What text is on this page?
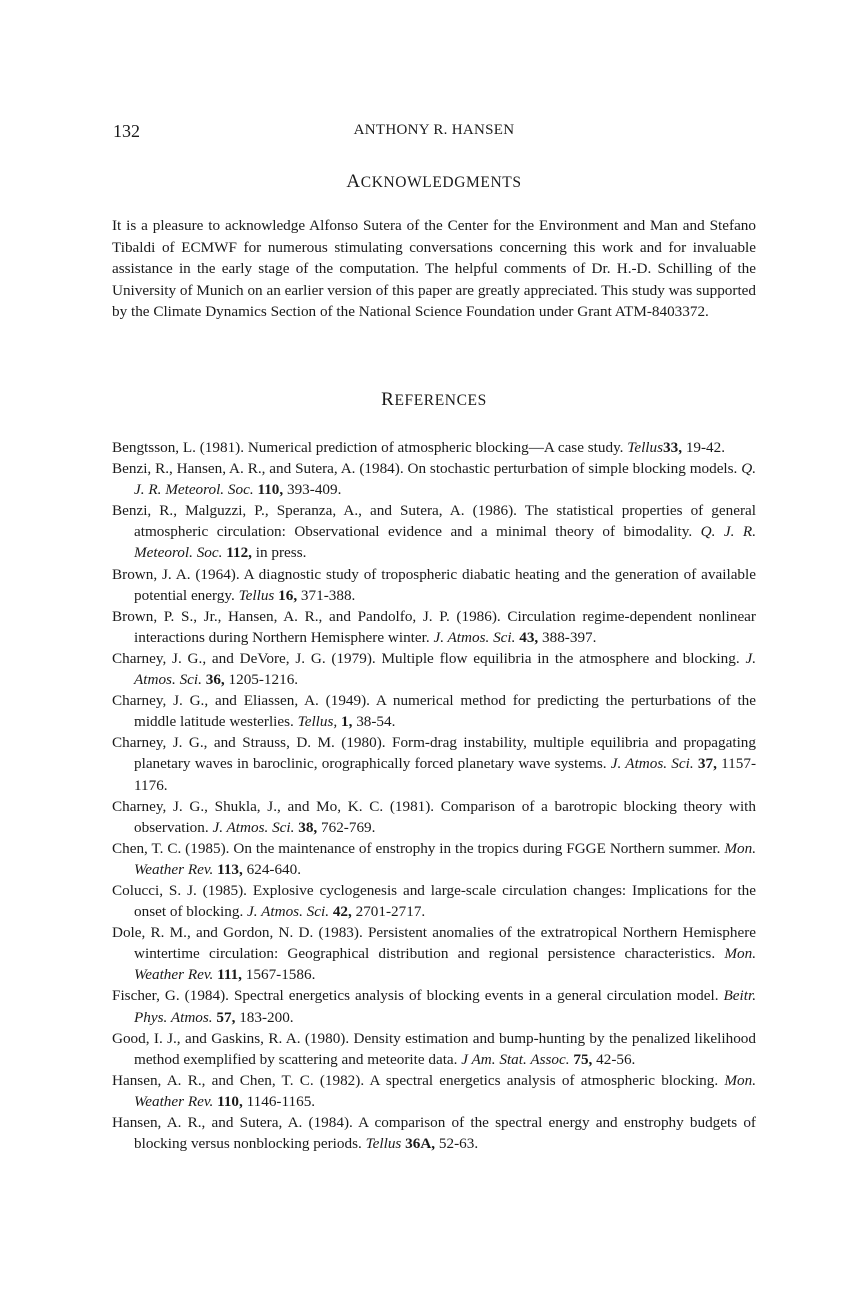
132	ANTHONY R. HANSEN
ACKNOWLEDGMENTS

It is a pleasure to acknowledge Alfonso Sutera of the Center for the Environment and Man and Stefano Tibaldi of ECMWF for numerous stimulating conversations concerning this work and for invaluable assistance in the early stage of the computation. The helpful comments of Dr. H.-D. Schilling of the University of Munich on an earlier version of this paper are greatly appreciated. This study was supported by the Climate Dynamics Section of the National Science Foundation under Grant ATM-8403372.

REFERENCES

Bengtsson, L. (1981). Numerical prediction of atmospheric blocking—A case study. Tellus33, 19-42.

Benzi, R., Hansen, A. R., and Sutera, A. (1984). On stochastic perturbation of simple blocking models. Q. J. R. Meteorol. Soc. 110, 393-409.

Benzi, R., Malguzzi, P., Speranza, A., and Sutera, A. (1986). The statistical properties of general atmospheric circulation: Observational evidence and a minimal theory of bimodality. Q. J. R. Meteorol. Soc. 112, in press.

Brown, J. A. (1964). A diagnostic study of tropospheric diabatic heating and the generation of available potential energy. Tellus 16, 371-388.

Brown, P. S., Jr., Hansen, A. R., and Pandolfo, J. P. (1986). Circulation regime-dependent nonlinear interactions during Northern Hemisphere winter. J. Atmos. Sci. 43, 388-397.

Charney, J. G., and DeVore, J. G. (1979). Multiple flow equilibria in the atmosphere and blocking. J. Atmos. Sci. 36, 1205-1216.

Charney, J. G., and Eliassen, A. (1949). A numerical method for predicting the perturbations of the middle latitude westerlies. Tellus, 1, 38-54.

Charney, J. G., and Strauss, D. M. (1980). Form-drag instability, multiple equilibria and propagating planetary waves in baroclinic, orographically forced planetary wave systems. J. Atmos. Sci. 37, 1157-1176.

Charney, J. G., Shukla, J., and Mo, K. C. (1981). Comparison of a barotropic blocking theory with observation. J. Atmos. Sci. 38, 762-769.

Chen, T. C. (1985). On the maintenance of enstrophy in the tropics during FGGE Northern summer. Mon. Weather Rev. 113, 624-640.

Colucci, S. J. (1985). Explosive cyclogenesis and large-scale circulation changes: Implications for the onset of blocking. J. Atmos. Sci. 42, 2701-2717.

Dole, R. M., and Gordon, N. D. (1983). Persistent anomalies of the extratropical Northern Hemisphere wintertime circulation: Geographical distribution and regional persistence characteristics. Mon. Weather Rev. 111, 1567-1586.

Fischer, G. (1984). Spectral energetics analysis of blocking events in a general circulation model. Beitr. Phys. Atmos. 57, 183-200.

Good, I. J., and Gaskins, R. A. (1980). Density estimation and bump-hunting by the penalized likelihood method exemplified by scattering and meteorite data. J Am. Stat. Assoc. 75, 42-56.

Hansen, A. R., and Chen, T. C. (1982). A spectral energetics analysis of atmospheric blocking. Mon. Weather Rev. 110, 1146-1165.

Hansen, A. R., and Sutera, A. (1984). A comparison of the spectral energy and enstrophy budgets of blocking versus nonblocking periods. Tellus 36A, 52-63.
